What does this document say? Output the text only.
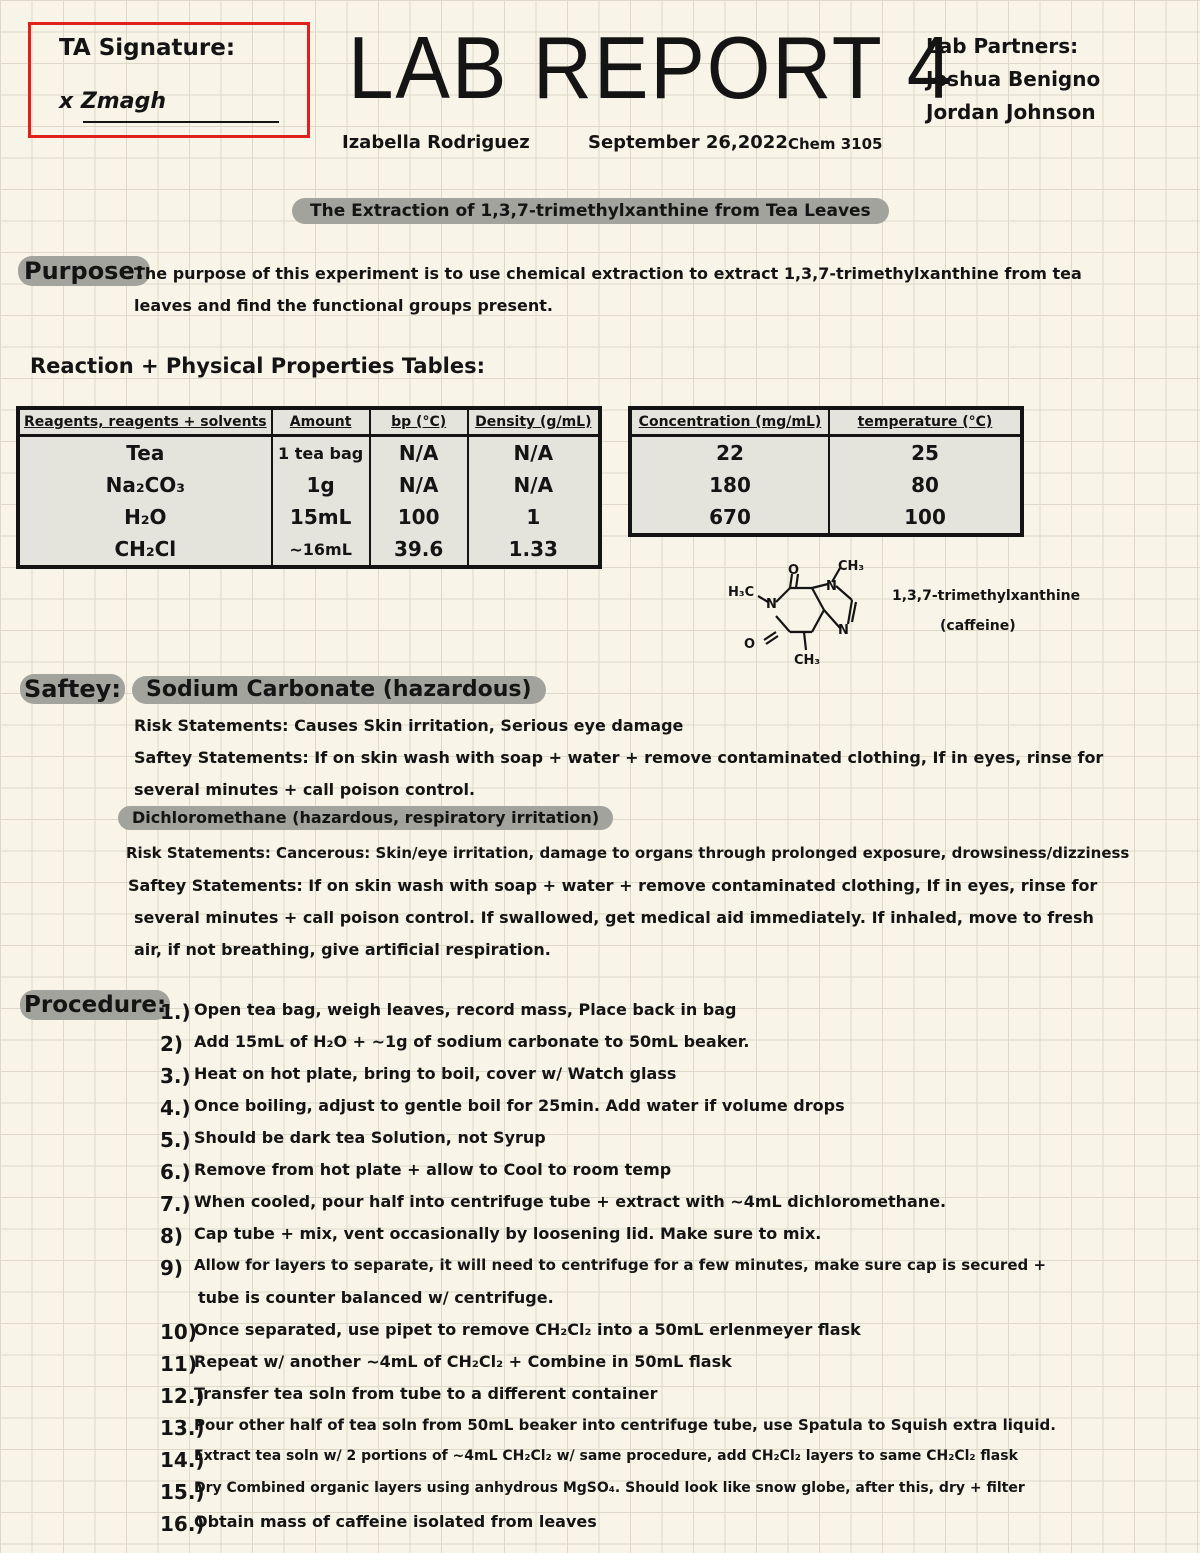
TA Signature:
x Zmagh LAB REPORT 4
Izabella Rodriguez	September 26,2022 Chem 3105
Lab Partners:
Joshua Benigno
Jordan Johnson
The Extraction of 1,3,7-trimethylxanthine from Tea Leaves
Purpose:
The purpose of this experiment is to use chemical extraction to extract 1,3,7-trimethylxanthine from tea
leaves and find the functional groups present.
Reaction + Physical Properties Tables:
Reagents, reagents + solvents	Amount	bp (°C)	Density (g/mL)
Tea	1 tea bag	N/A	N/A
Na₂CO₃	1g	N/A	N/A
H₂O	15mL	100	1
CH₂Cl	~16mL	39.6	1.33
Concentration (mg/mL)	temperature (°C)
22	25
180	80
670	100
CH₃
H₃C
O
N
N
N
O
CH₃
1,3,7-trimethylxanthine
(caffeine)
Saftey:	Sodium Carbonate (hazardous)
Risk Statements: Causes Skin irritation, Serious eye damage
Saftey Statements: If on skin wash with soap + water + remove contaminated clothing, If in eyes, rinse for
several minutes + call poison control.
Dichloromethane (hazardous, respiratory irritation)
Risk Statements: Cancerous: Skin/eye irritation, damage to organs through prolonged exposure, drowsiness/dizziness
Saftey Statements: If on skin wash with soap + water + remove contaminated clothing, If in eyes, rinse for
several minutes + call poison control. If swallowed, get medical aid immediately. If inhaled, move to fresh
air, if not breathing, give artificial respiration.
Procedure:
1.) Open tea bag, weigh leaves, record mass, Place back in bag
2) Add 15mL of H₂O + ~1g of sodium carbonate to 50mL beaker.
3.) Heat on hot plate, bring to boil, cover w/ Watch glass
4.) Once boiling, adjust to gentle boil for 25min. Add water if volume drops
5.) Should be dark tea Solution, not Syrup
6.) Remove from hot plate + allow to Cool to room temp
7.) When cooled, pour half into centrifuge tube + extract with ~4mL dichloromethane.
8) Cap tube + mix, vent occasionally by loosening lid. Make sure to mix.
9) Allow for layers to separate, it will need to centrifuge for a few minutes, make sure cap is secured +
tube is counter balanced w/ centrifuge.
10)
Once separated, use pipet to remove CH₂Cl₂ into a 50mL erlenmeyer flask
11)
Repeat w/ another ~4mL of CH₂Cl₂ + Combine in 50mL flask
12.)
Transfer tea soln from tube to a different container
13.)
Pour other half of tea soln from 50mL beaker into centrifuge tube, use Spatula to Squish extra liquid.
14.)
Extract tea soln w/ 2 portions of ~4mL CH₂Cl₂ w/ same procedure, add CH₂Cl₂ layers to same CH₂Cl₂ flask
15.)
Dry Combined organic layers using anhydrous MgSO₄. Should look like snow globe, after this, dry + filter
16.)
Obtain mass of caffeine isolated from leaves
